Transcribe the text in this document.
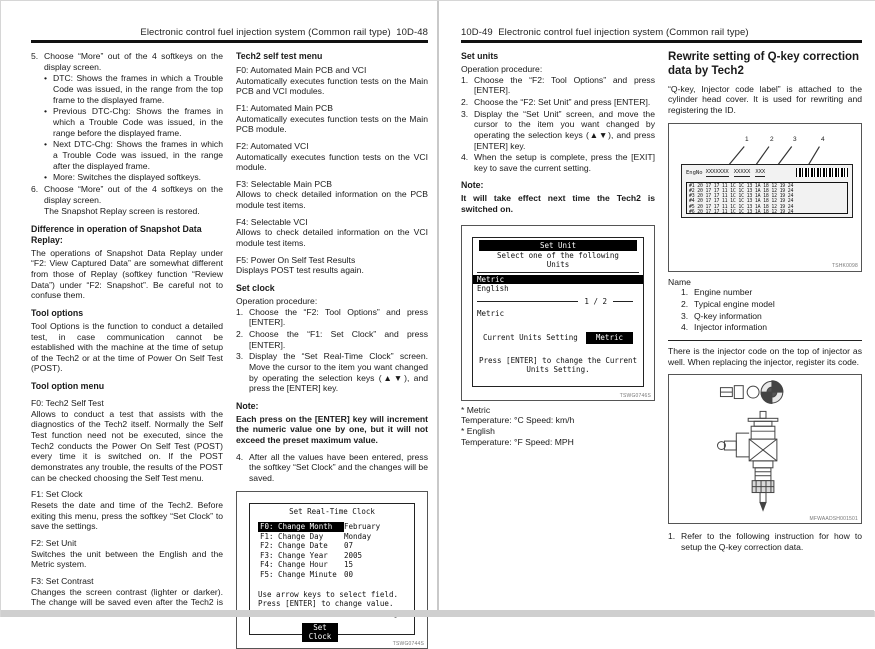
Electronic control fuel injection system (Common rail type) 10D-48
5. Choose “More” out of the 4 softkeys on the display screen.
• DTC: Shows the frames in which a Trouble Code was issued, in the range from the top frame to the displayed frame.
• Previous DTC-Chg: Shows the frames in which a Trouble Code was issued, in the range before the displayed frame.
• Next DTC-Chg: Shows the frames in which a Trouble Code was issued, in the range after the displayed frame.
• More: Switches the displayed softkeys.
6. Choose “More” out of the 4 softkeys on the display screen.
The Snapshot Replay screen is restored.
Difference in operation of Snapshot Data Replay:
The operations of Snapshot Data Replay under “F2: View Captured Data” are somewhat different from those of Replay (softkey function “Review Data”) under “F2: Snapshot”. Be careful not to confuse them.
Tool options
Tool Options is the function to conduct a detailed test, in case communication cannot be established with the machine at the time of setup of the Tech2 or at the time of Power On Self Test (POST).
Tool option menu
F0: Tech2 Self Test
Allows to conduct a test that assists with the diagnostics of the Tech2 itself. Normally the Self Test function need not be executed, since the Tech2 conducts the Power On Self Test (POST) every time it is switched on. If the POST demonstrates any trouble, the results of the POST can be checked choosing the Self Test menu.
F1: Set Clock
Resets the date and time of the Tech2. Before exiting this menu, press the softkey “Set Clock” to save the settings.
F2: Set Unit
Switches the unit between the English and the Metric system.
F3: Set Contrast
Changes the screen contrast (lighter or darker). The change will be saved even after the Tech2 is
Tech2 self test menu
F0: Automated Main PCB and VCI
Automatically executes function tests on the Main PCB and VCI modules.
F1: Automated Main PCB
Automatically executes function tests on the Main PCB module.
F2: Automated VCI
Automatically executes function tests on the VCI module.
F3: Selectable Main PCB
Allows to check detailed information on the PCB module test items.
F4: Selectable VCI
Allows to check detailed information on the VCI module test items.
F5: Power On Self Test Results
Displays POST test results again.
Set clock
Operation procedure:
1. Choose the “F2: Tool Options” and press [ENTER].
2. Choose the “F1: Set Clock” and press [ENTER].
3. Display the “Set Real-Time Clock” screen. Move the cursor to the item you want changed by operating the selection keys (▲▼), and press the [ENTER] key.
Note:
Each press on the [ENTER] key will increment the numeric value one by one, but it will not exceed the preset maximum value.
4. After all the values have been entered, press the softkey “Set Clock” and the changes will be saved.
Set Real-Time Clock
F0: Change Month	February
F1: Change Day	Monday
F2: Change Date	07
F3: Change Year	2005
F4: Change Hour	15
F5: Change Minute 00
Use arrow keys to select field.
Press [ENTER] to change value.
Set
Clock
TSWG0744S
10D-49 Electronic control fuel injection system (Common rail type)
Set units
Operation procedure:
1. Choose the “F2: Tool Options” and press [ENTER].
2. Choose the “F2: Set Unit” and press [ENTER].
3. Display the “Set Unit” screen, and move the cursor to the item you want changed by operating the selection keys (▲▼), and press [ENTER] key.
4. When the setup is complete, press the [EXIT] key to save the current setting.
Note:
It will take effect next time the Tech2 is switched on.
Set Unit
Select one of the following
Units
Metric
English
1 / 2
Metric
Current Units Setting	Metric
Press [ENTER] to change the Current
Units Setting.
TSWG0746S
* Metric
Temperature: °C Speed: km/h
* English
Temperature: °F Speed: MPH
Rewrite setting of Q-key correction data by Tech2
“Q-key, Injector code label” is attached to the cylinder head cover. It is used for rewriting and registering the ID.
1	2	3	4
EngNo XXXXXXX XXXXX XXX
#1 20 17 17 11 1C 1C 13 1A 18 12 19 24
#2 20 17 17 11 1C 1C 13 1A 18 12 19 24
#3 20 17 17 11 1C 1C 13 1A 18 12 19 24
#4 20 17 17 11 1C 1C 13 1A 18 12 19 24
#5 20 17 17 11 1C 1C 13 1A 18 12 19 24
#6 20 17 17 11 1C 1C 13 1A 18 12 19 24
TSHK0098
Name
1. Engine number
2. Typical engine model
3. Q-key information
4. Injector information
There is the injector code on the top of injector as well. When replacing the injector, register its code.
MFWAADSH001501
1. Refer to the following instruction for how to setup the Q-key correction data.
